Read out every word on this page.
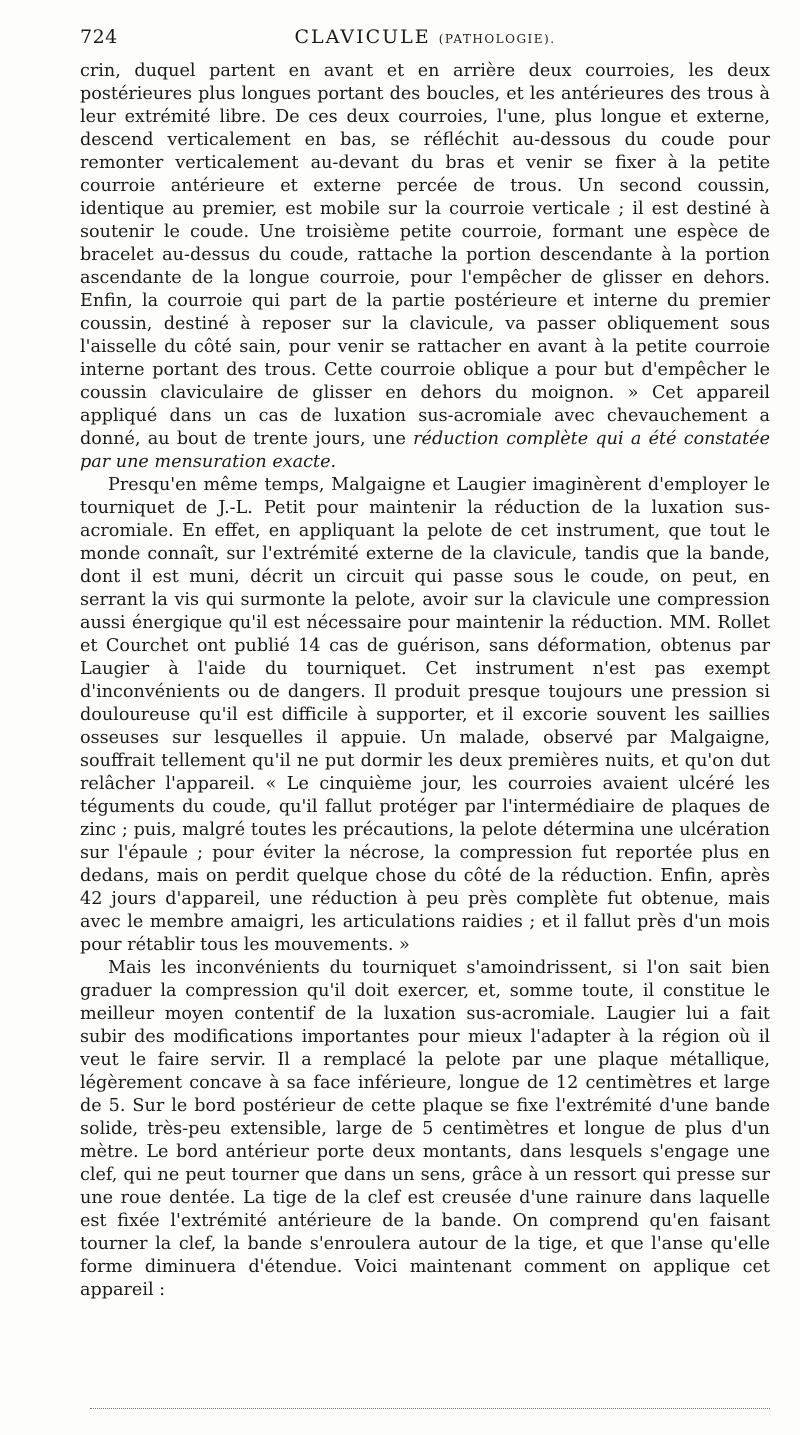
724	CLAVICULE (PATHOLOGIE).

crin, duquel partent en avant et en arrière deux courroies, les deux postérieures plus longues portant des boucles, et les antérieures des trous à leur extrémité libre. De ces deux courroies, l'une, plus longue et externe, descend verticalement en bas, se réfléchit au-dessous du coude pour remonter verticalement au-devant du bras et venir se fixer à la petite courroie antérieure et externe percée de trous. Un second coussin, identique au premier, est mobile sur la courroie verticale ; il est destiné à soutenir le coude. Une troisième petite courroie, formant une espèce de bracelet au-dessus du coude, rattache la portion descendante à la portion ascendante de la longue courroie, pour l'empêcher de glisser en dehors. Enfin, la courroie qui part de la partie postérieure et interne du premier coussin, destiné à reposer sur la clavicule, va passer obliquement sous l'aisselle du côté sain, pour venir se rattacher en avant à la petite courroie interne portant des trous. Cette courroie oblique a pour but d'empêcher le coussin claviculaire de glisser en dehors du moignon. » Cet appareil appliqué dans un cas de luxation sus-acromiale avec chevauchement a donné, au bout de trente jours, une réduction complète qui a été constatée par une mensuration exacte.

Presqu'en même temps, Malgaigne et Laugier imaginèrent d'employer le tourniquet de J.-L. Petit pour maintenir la réduction de la luxation sus-acromiale. En effet, en appliquant la pelote de cet instrument, que tout le monde connaît, sur l'extrémité externe de la clavicule, tandis que la bande, dont il est muni, décrit un circuit qui passe sous le coude, on peut, en serrant la vis qui surmonte la pelote, avoir sur la clavicule une compression aussi énergique qu'il est nécessaire pour maintenir la réduction. MM. Rollet et Courchet ont publié 14 cas de guérison, sans déformation, obtenus par Laugier à l'aide du tourniquet. Cet instrument n'est pas exempt d'inconvénients ou de dangers. Il produit presque toujours une pression si douloureuse qu'il est difficile à supporter, et il excorie souvent les saillies osseuses sur lesquelles il appuie. Un malade, observé par Malgaigne, souffrait tellement qu'il ne put dormir les deux premières nuits, et qu'on dut relâcher l'appareil. « Le cinquième jour, les courroies avaient ulcéré les téguments du coude, qu'il fallut protéger par l'intermédiaire de plaques de zinc ; puis, malgré toutes les précautions, la pelote détermina une ulcération sur l'épaule ; pour éviter la nécrose, la compression fut reportée plus en dedans, mais on perdit quelque chose du côté de la réduction. Enfin, après 42 jours d'appareil, une réduction à peu près complète fut obtenue, mais avec le membre amaigri, les articulations raidies ; et il fallut près d'un mois pour rétablir tous les mouvements. »

Mais les inconvénients du tourniquet s'amoindrissent, si l'on sait bien graduer la compression qu'il doit exercer, et, somme toute, il constitue le meilleur moyen contentif de la luxation sus-acromiale. Laugier lui a fait subir des modifications importantes pour mieux l'adapter à la région où il veut le faire servir. Il a remplacé la pelote par une plaque métallique, légèrement concave à sa face inférieure, longue de 12 centimètres et large de 5. Sur le bord postérieur de cette plaque se fixe l'extrémité d'une bande solide, très-peu extensible, large de 5 centimètres et longue de plus d'un mètre. Le bord antérieur porte deux montants, dans lesquels s'engage une clef, qui ne peut tourner que dans un sens, grâce à un ressort qui presse sur une roue dentée. La tige de la clef est creusée d'une rainure dans laquelle est fixée l'extrémité antérieure de la bande. On comprend qu'en faisant tourner la clef, la bande s'enroulera autour de la tige, et que l'anse qu'elle forme diminuera d'étendue. Voici maintenant comment on applique cet appareil :
